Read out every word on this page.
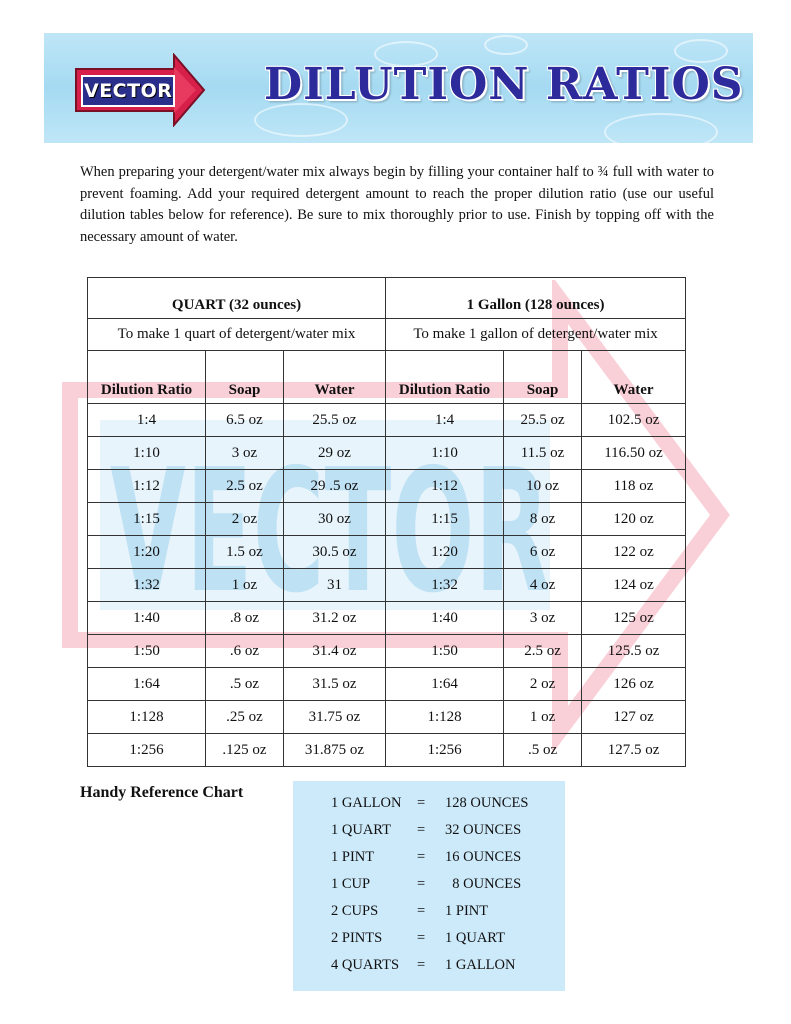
VECTOR DILUTION RATIOS

When preparing your detergent/water mix always begin by filling your container half to ¾ full with water to prevent foaming. Add your required detergent amount to reach the proper dilution ratio (use our useful dilution tables below for reference). Be sure to mix thoroughly prior to use. Finish by topping off with the necessary amount of water.

VECTOR
QUART (32 ounces)			1 Gallon (128 ounces)		
To make 1 quart of detergent/water mix			To make 1 gallon of detergent/water mix		
Dilution Ratio	Soap	Water	Dilution Ratio	Soap	Water
1:4	6.5 oz	25.5 oz	1:4	25.5 oz	102.5 oz
1:10	3 oz	29 oz	1:10	11.5 oz	116.50 oz
1:12	2.5 oz	29 .5 oz	1:12	10 oz	118 oz
1:15	2 oz	30 oz	1:15	8 oz	120 oz
1:20	1.5 oz	30.5 oz	1:20	6 oz	122 oz
1:32	1 oz	31	1:32	4 oz	124 oz
1:40	.8 oz	31.2 oz	1:40	3 oz	125 oz
1:50	.6 oz	31.4 oz	1:50	2.5 oz	125.5 oz
1:64	.5 oz	31.5 oz	1:64	2 oz	126 oz
1:128	.25 oz	31.75 oz	1:128	1 oz	127 oz
1:256	.125 oz	31.875 oz	1:256	.5 oz	127.5 oz
Handy Reference Chart
1 GALLON = 128 OUNCES
1 QUART = 32 OUNCES
1 PINT	= 16 OUNCES
1 CUP	= 8 OUNCES
2 CUPS	= 1 PINT
2 PINTS = 1 QUART
4 QUARTS = 1 GALLON
